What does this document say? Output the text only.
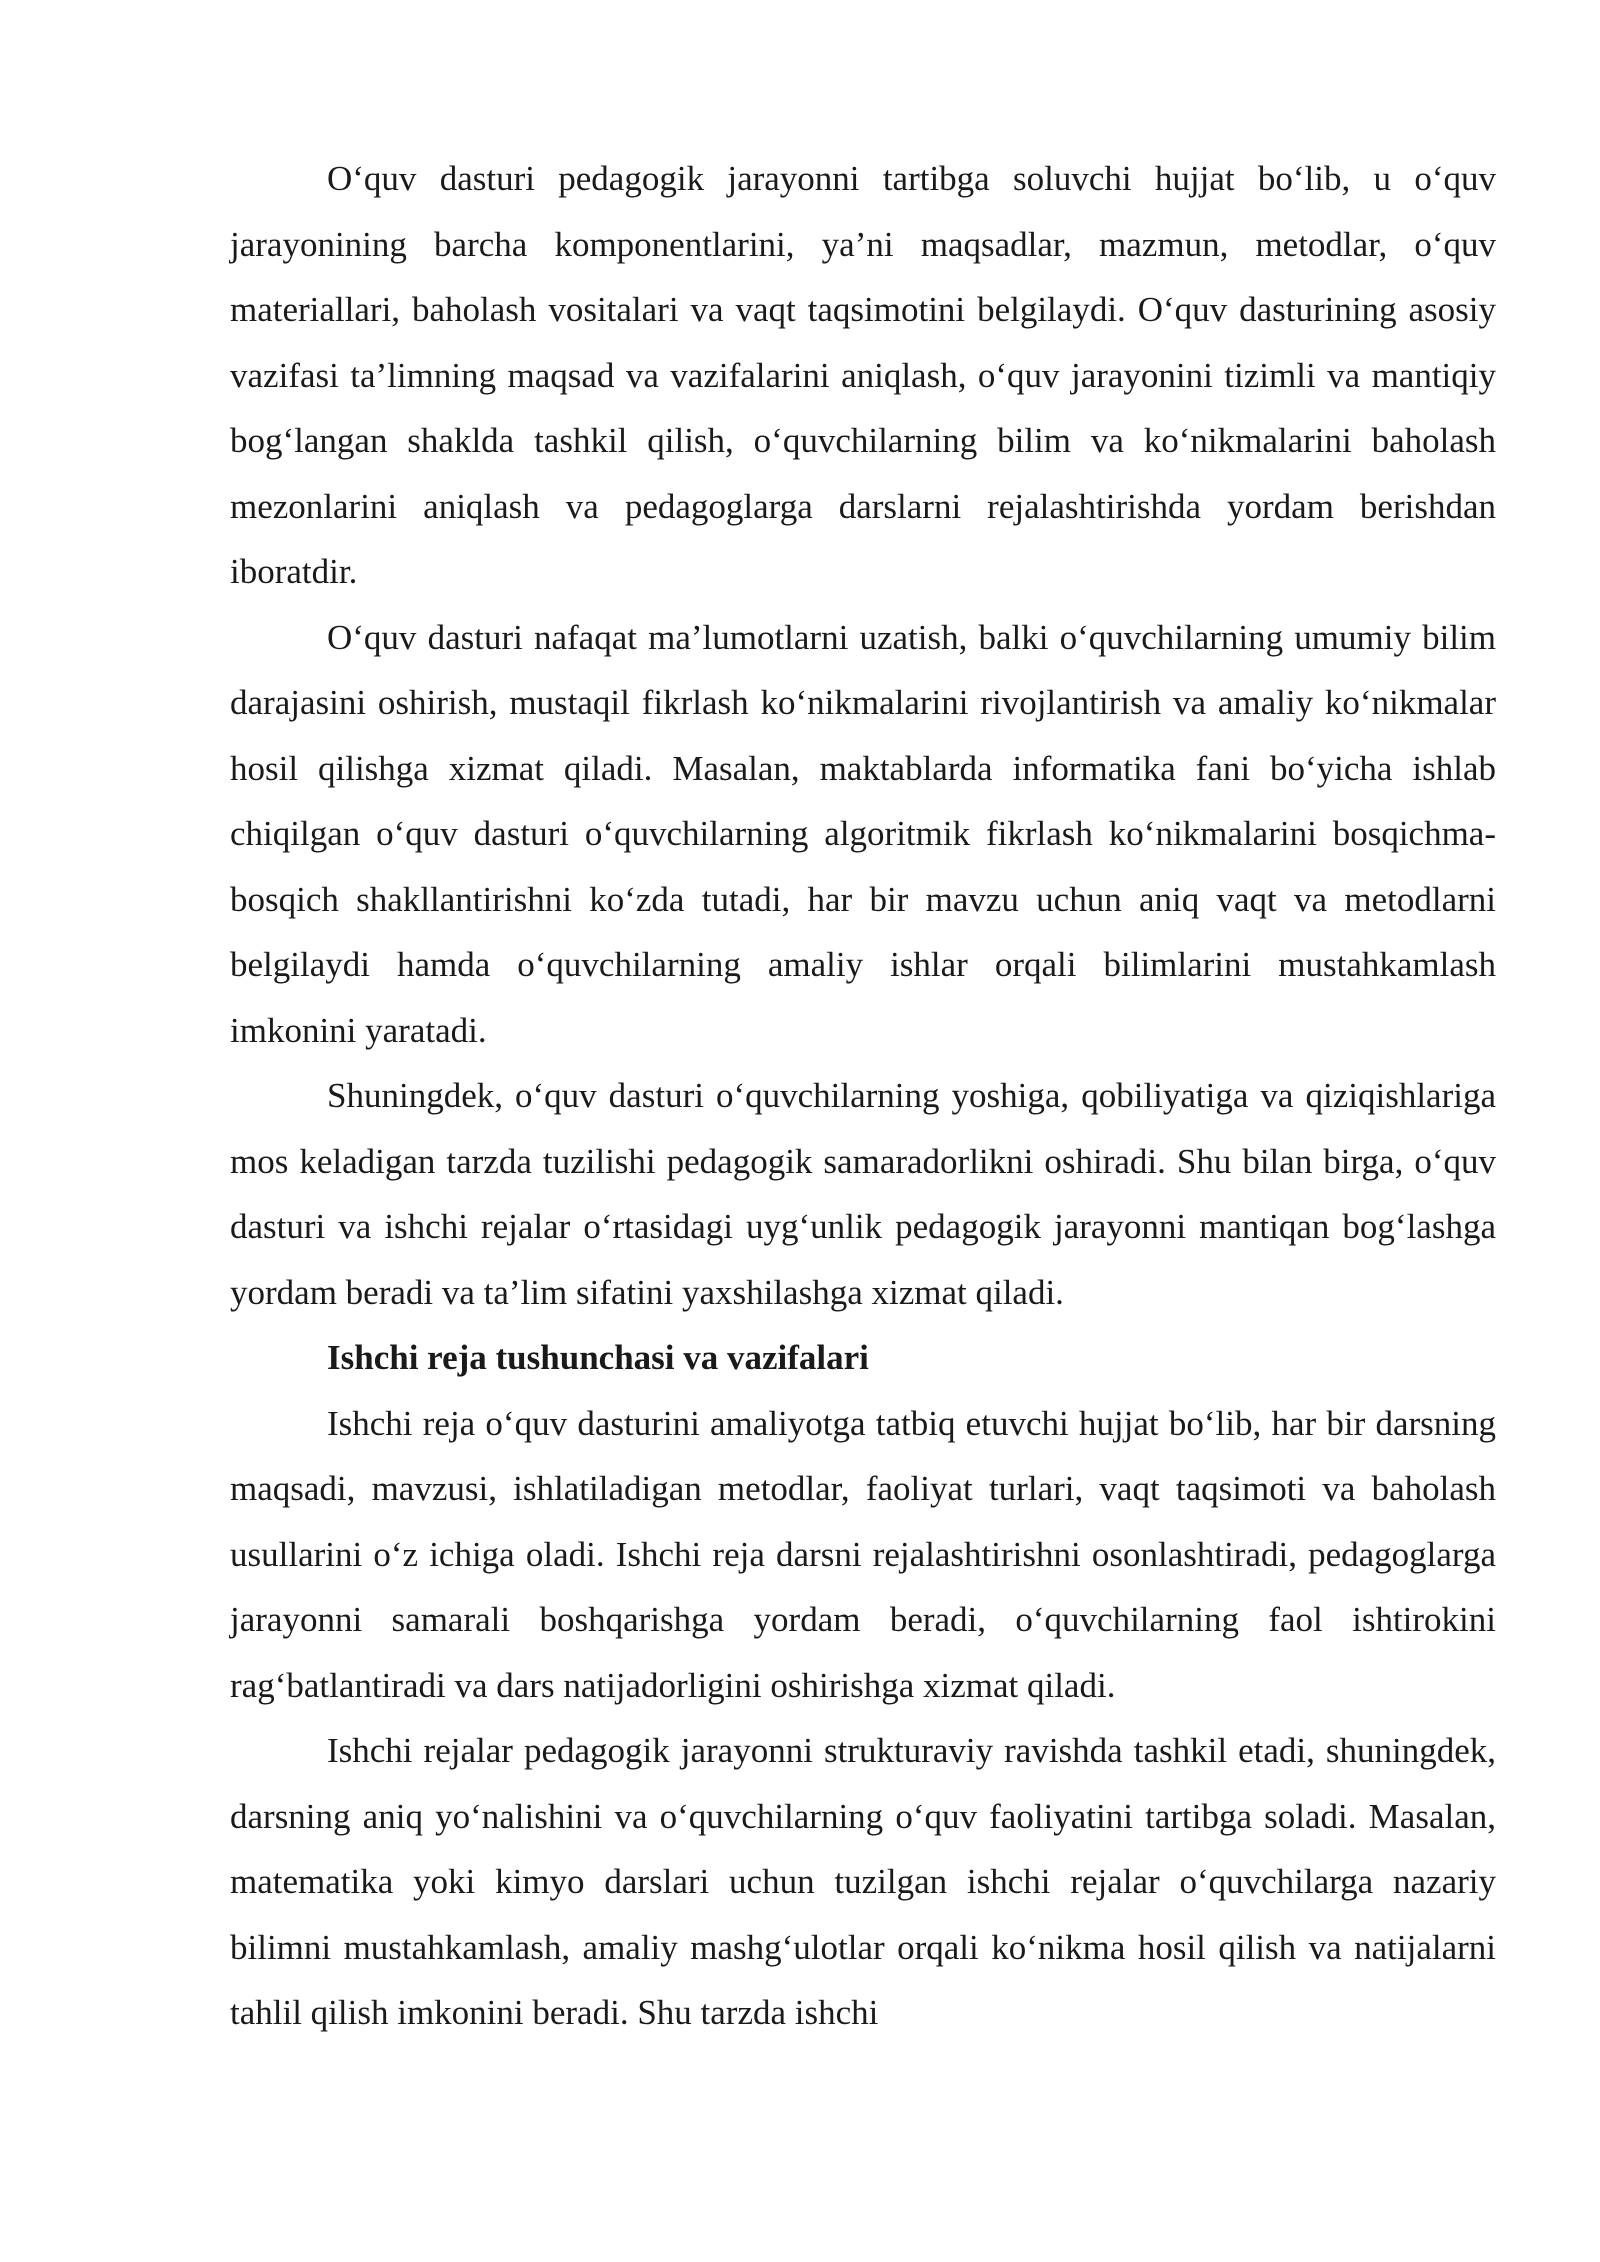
O‘quv dasturi pedagogik jarayonni tartibga soluvchi hujjat bo‘lib, u o‘quv jarayonining barcha komponentlarini, ya’ni maqsadlar, mazmun, metodlar, o‘quv materiallari, baholash vositalari va vaqt taqsimotini belgilaydi. O‘quv dasturining asosiy vazifasi ta’limning maqsad va vazifalarini aniqlash, o‘quv jarayonini tizimli va mantiqiy bog‘langan shaklda tashkil qilish, o‘quvchilarning bilim va ko‘nikmalarini baholash mezonlarini aniqlash va pedagoglarga darslarni rejalashtirishda yordam berishdan iboratdir.

O‘quv dasturi nafaqat ma’lumotlarni uzatish, balki o‘quvchilarning umumiy bilim darajasini oshirish, mustaqil fikrlash ko‘nikmalarini rivojlantirish va amaliy ko‘nikmalar hosil qilishga xizmat qiladi. Masalan, maktablarda informatika fani bo‘yicha ishlab chiqilgan o‘quv dasturi o‘quvchilarning algoritmik fikrlash ko‘nikmalarini bosqichma-bosqich shakllantirishni ko‘zda tutadi, har bir mavzu uchun aniq vaqt va metodlarni belgilaydi hamda o‘quvchilarning amaliy ishlar orqali bilimlarini mustahkamlash imkonini yaratadi.

Shuningdek, o‘quv dasturi o‘quvchilarning yoshiga, qobiliyatiga va qiziqishlariga mos keladigan tarzda tuzilishi pedagogik samaradorlikni oshiradi. Shu bilan birga, o‘quv dasturi va ishchi rejalar o‘rtasidagi uyg‘unlik pedagogik jarayonni mantiqan bog‘lashga yordam beradi va ta’lim sifatini yaxshilashga xizmat qiladi.

Ishchi reja tushunchasi va vazifalari

Ishchi reja o‘quv dasturini amaliyotga tatbiq etuvchi hujjat bo‘lib, har bir darsning maqsadi, mavzusi, ishlatiladigan metodlar, faoliyat turlari, vaqt taqsimoti va baholash usullarini o‘z ichiga oladi. Ishchi reja darsni rejalashtirishni osonlashtiradi, pedagoglarga jarayonni samarali boshqarishga yordam beradi, o‘quvchilarning faol ishtirokini rag‘batlantiradi va dars natijadorligini oshirishga xizmat qiladi.

Ishchi rejalar pedagogik jarayonni strukturaviy ravishda tashkil etadi, shuningdek, darsning aniq yo‘nalishini va o‘quvchilarning o‘quv faoliyatini tartibga soladi. Masalan, matematika yoki kimyo darslari uchun tuzilgan ishchi rejalar o‘quvchilarga nazariy bilimni mustahkamlash, amaliy mashg‘ulotlar orqali ko‘nikma hosil qilish va natijalarni tahlil qilish imkonini beradi. Shu tarzda ishchi
